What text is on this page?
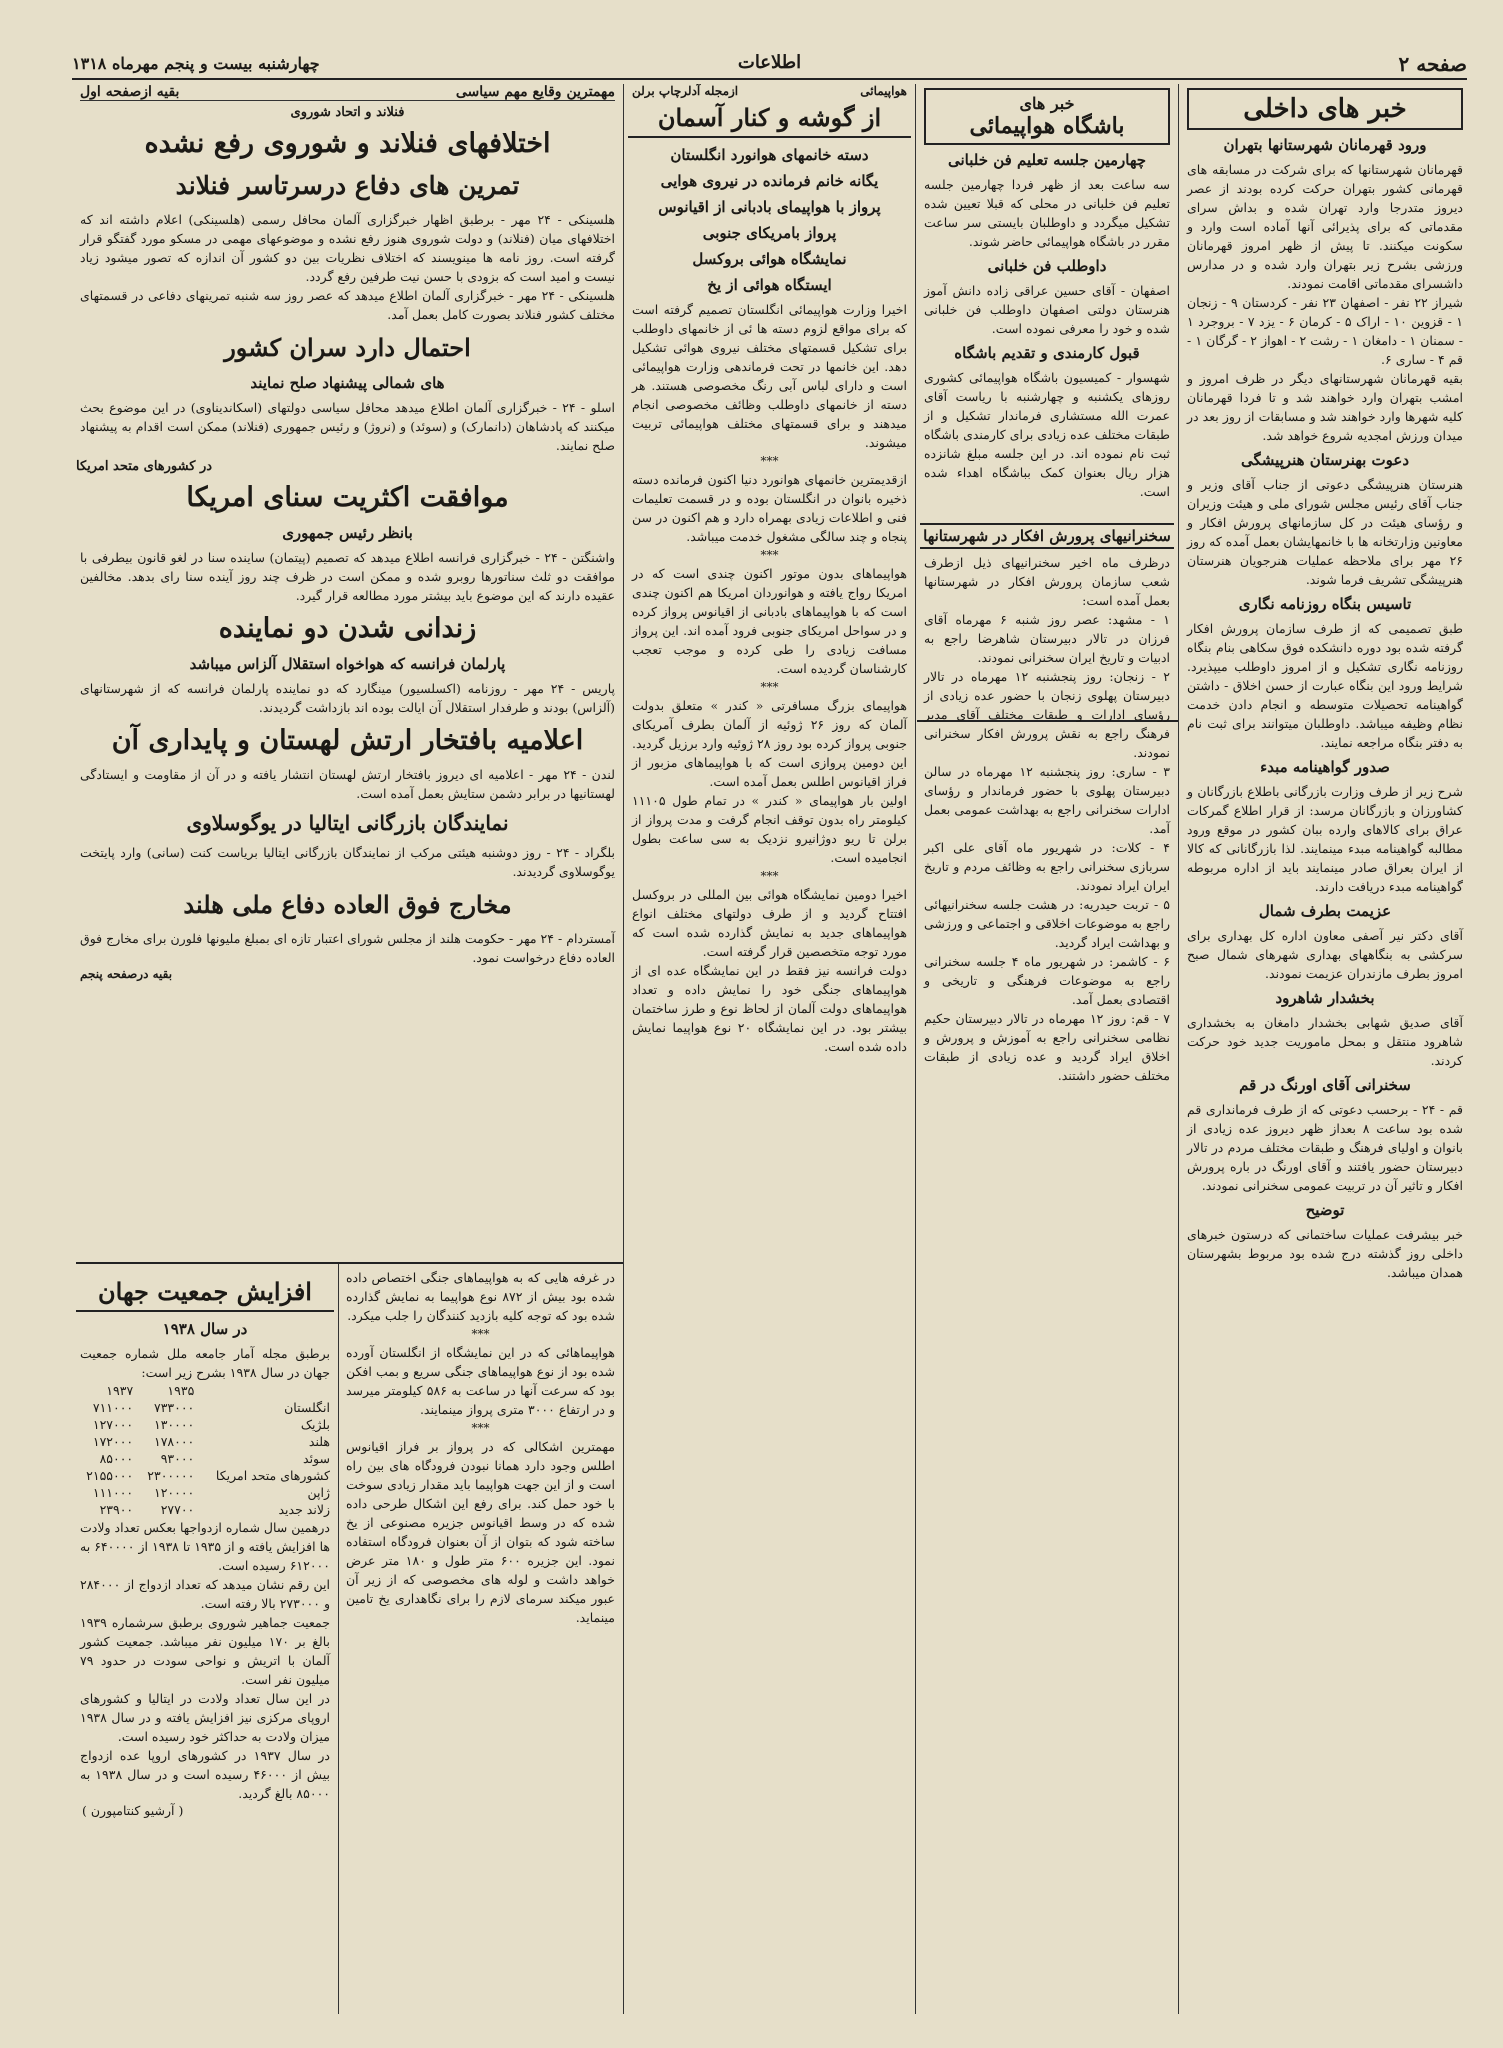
صفحه ۲
اطلاعات
چهارشنبه بیست و پنجم مهرماه ۱۳۱۸
خبر های داخلی
ورود قهرمانان شهرستانها بتهران

قهرمانان شهرستانها که برای شرکت در مسابقه های قهرمانی کشور بتهران حرکت کرده بودند از عصر دیروز متدرجا وارد تهران شده و بداش سرای مقدماتی که برای پذیرائی آنها آماده است وارد و سکونت میکنند. تا پیش از ظهر امروز قهرمانان ورزشی بشرح زیر بتهران وارد شده و در مدارس داشسرای مقدماتی اقامت نمودند.

شیراز ۲۲ نفر - اصفهان ۲۳ نفر - کردستان ۹ - زنجان ۱ - قزوین ۱۰ - اراک ۵ - کرمان ۶ - یزد ۷ - بروجرد ۱ - سمنان ۱ - دامغان ۱ - رشت ۲ - اهواز ۲ - گرگان ۱ - قم ۴ - ساری ۶.

بقیه قهرمانان شهرستانهای دیگر در ظرف امروز و امشب بتهران وارد خواهند شد و تا فردا قهرمانان کلیه شهرها وارد خواهند شد و مسابقات از روز بعد در میدان ورزش امجدیه شروع خواهد شد.

دعوت بهنرستان هنرپیشگی

هنرستان هنرپیشگی دعوتی از جناب آقای وزیر و جناب آقای رئیس مجلس شورای ملی و هیئت وزیران و رؤسای هیئت در کل سازمانهای پرورش افکار و معاونین وزارتخانه ها با خانمهایشان بعمل آمده که روز ۲۶ مهر برای ملاحظه عملیات هنرجویان هنرستان هنرپیشگی تشریف فرما شوند.

تاسیس بنگاه روزنامه نگاری

طبق تصمیمی که از طرف سازمان پرورش افکار گرفته شده بود دوره دانشکده فوق سکاهی بنام بنگاه روزنامه نگاری تشکیل و از امروز داوطلب میپذیرد. شرایط ورود این بنگاه عبارت از حسن اخلاق - داشتن گواهینامه تحصیلات متوسطه و انجام دادن خدمت نظام وظیفه میباشد. داوطلبان میتوانند برای ثبت نام به دفتر بنگاه مراجعه نمایند.

صدور گواهینامه مبدء

شرح زیر از طرف وزارت بازرگانی باطلاع بازرگانان و کشاورزان و بازرگانان مرسد: از قرار اطلاع گمرکات عراق برای کالاهای وارده ببان کشور در موقع ورود مطالبه گواهینامه مبدء مینمایند. لذا بازرگانانی که کالا از ایران بعراق صادر مینمایند باید از اداره مربوطه گواهینامه مبدء دریافت دارند.

عزیمت بطرف شمال

آقای دکتر نیر آصفی معاون اداره کل بهداری برای سرکشی به بنگاههای بهداری شهرهای شمال صبح امروز بطرف مازندران عزیمت نمودند.

بخشدار شاهرود

آقای صدیق شهابی بخشدار دامغان به بخشداری شاهرود منتقل و بمحل ماموریت جدید خود حرکت کردند.

سخنرانی آقای اورنگ در قم

قم - ۲۴ - برحسب دعوتی که از طرف فرمانداری قم شده بود ساعت ۸ بعداز ظهر دیروز عده زیادی از بانوان و اولیای فرهنگ و طبقات مختلف مردم در تالار دبیرستان حضور یافتند و آقای اورنگ در باره پرورش افکار و تاثیر آن در تربیت عمومی سخنرانی نمودند.

توضیح

خبر بیشرفت عملیات ساختمانی که درستون خبرهای داخلی روز گذشته درج شده بود مربوط بشهرستان همدان میباشد.

خبر های
باشگاه هواپیمائی
چهارمین جلسه تعلیم فن خلبانی

سه ساعت بعد از ظهر فردا چهارمین جلسه تعلیم فن خلبانی در محلی که قبلا تعیین شده تشکیل میگردد و داوطلبان بایستی سر ساعت مقرر در باشگاه هواپیمائی حاضر شوند.

داوطلب فن خلبانی

اصفهان - آقای حسین عراقی زاده دانش آموز هنرستان دولتی اصفهان داوطلب فن خلبانی شده و خود را معرفی نموده است.

قبول کارمندی و تقدیم باشگاه

شهسوار - کمیسیون باشگاه هواپیمائی کشوری روزهای یکشنبه و چهارشنبه با ریاست آقای عمرت الله مستشاری فرماندار تشکیل و از طبقات مختلف عده زیادی برای کارمندی باشگاه ثبت نام نموده اند. در این جلسه مبلغ شانزده هزار ریال بعنوان کمک بباشگاه اهداء شده است.

سخنرانیهای پرورش افکار در شهرستانها

درظرف ماه اخیر سخنرانیهای ذیل ازطرف شعب سازمان پرورش افکار در شهرستانها بعمل آمده است:

۱ - مشهد: عصر روز شنبه ۶ مهرماه آقای فرزان در تالار دبیرستان شاهرضا راجع به ادبیات و تاریخ ایران سخنرانی نمودند.

۲ - زنجان: روز پنجشنبه ۱۲ مهرماه در تالار دبیرستان پهلوی زنجان با حضور عده زیادی از رؤسای ادارات و طبقات مختلف آقای مدیر فرهنگ راجع به نقش پرورش افکار سخنرانی نمودند.

۳ - ساری: روز پنجشنبه ۱۲ مهرماه در سالن دبیرستان پهلوی با حضور فرماندار و رؤسای ادارات سخنرانی راجع به بهداشت عمومی بعمل آمد.

۴ - کلات: در شهریور ماه آقای علی اکبر سربازی سخنرانی راجع به وظائف مردم و تاریخ ایران ایراد نمودند.

۵ - تربت حیدریه: در هشت جلسه سخنرانیهائی راجع به موضوعات اخلاقی و اجتماعی و ورزشی و بهداشت ایراد گردید.

۶ - کاشمر: در شهریور ماه ۴ جلسه سخنرانی راجع به موضوعات فرهنگی و تاریخی و اقتصادی بعمل آمد.

۷ - قم: روز ۱۲ مهرماه در تالار دبیرستان حکیم نظامی سخنرانی راجع به آموزش و پرورش و اخلاق ایراد گردید و عده زیادی از طبقات مختلف حضور داشتند.

هواپیمائی
ازمجله آدلرچاپ برلن
از گوشه و کنار آسمان
دسته خانمهای هوانورد انگلستان
یگانه خانم فرمانده در نیروی هوایی
پرواز با هواپیمای بادبانی از اقیانوس
پرواز بامریکای جنوبی
نمایشگاه هوائی بروکسل
ایستگاه هوائی از یخ

اخیرا وزارت هواپیمائی انگلستان تصمیم گرفته است که برای مواقع لزوم دسته ها ئی از خانمهای داوطلب برای تشکیل قسمتهای مختلف نیروی هوائی تشکیل دهد. این خانمها در تحت فرماندهی وزارت هواپیمائی است و دارای لباس آبی رنگ مخصوصی هستند. هر دسته از خانمهای داوطلب وظائف مخصوصی انجام میدهند و برای قسمتهای مختلف هواپیمائی تربیت میشوند.

***

ازقدیمترین خانمهای هوانورد دنیا اکنون فرمانده دسته ذخیره بانوان در انگلستان بوده و در قسمت تعلیمات فنی و اطلاعات زیادی بهمراه دارد و هم اکنون در سن پنجاه و چند سالگی مشغول خدمت میباشد.

***

هواپیماهای بدون موتور اکنون چندی است که در امریکا رواج یافته و هوانوردان امریکا هم اکنون چندی است که با هواپیماهای بادبانی از اقیانوس پرواز کرده و در سواحل امریکای جنوبی فرود آمده اند. این پرواز مسافت زیادی را طی کرده و موجب تعجب کارشناسان گردیده است.

***

هواپیمای بزرگ مسافرتی « کندر » متعلق بدولت آلمان که روز ۲۶ ژوئیه از آلمان بطرف آمریکای جنوبی پرواز کرده بود روز ۲۸ ژوئیه وارد برزیل گردید. این دومین پروازی است که با هواپیماهای مزبور از فراز اقیانوس اطلس بعمل آمده است.

اولین بار هواپیمای « کندر » در تمام طول ۱۱۱۰۵ کیلومتر راه بدون توقف انجام گرفت و مدت پرواز از برلن تا ریو دوژانیرو نزدیک به سی ساعت بطول انجامیده است.

***

اخیرا دومین نمایشگاه هوائی بین المللی در بروکسل افتتاح گردید و از طرف دولتهای مختلف انواع هواپیماهای جدید به نمایش گذارده شده است که مورد توجه متخصصین قرار گرفته است.

دولت فرانسه نیز فقط در این نمایشگاه عده ای از هواپیماهای جنگی خود را نمایش داده و تعداد هواپیماهای دولت آلمان از لحاظ نوع و طرز ساختمان بیشتر بود. در این نمایشگاه ۲۰ نوع هواپیما نمایش داده شده است.

مهمترین وقایع مهم سیاسی
بقیه ازصفحه اول
فنلاند و اتحاد شوروی
اختلافهای فنلاند و شوروی رفع نشده
تمرین های دفاع درسرتاسر فنلاند

هلسینکی - ۲۴ مهر - برطبق اظهار خبرگزاری آلمان محافل رسمی (هلسینکی) اعلام داشته اند که اختلافهای میان (فنلاند) و دولت شوروی هنوز رفع نشده و موضوعهای مهمی در مسکو مورد گفتگو قرار گرفته است. روز نامه ها مینویسند که اختلاف نظریات بین دو کشور آن اندازه که تصور میشود زیاد نیست و امید است که بزودی با حسن نیت طرفین رفع گردد.

هلسینکی - ۲۴ مهر - خبرگزاری آلمان اطلاع میدهد که عصر روز سه شنبه تمرینهای دفاعی در قسمتهای مختلف کشور فنلاند بصورت کامل بعمل آمد.

احتمال دارد سران کشور
های شمالی پیشنهاد صلح نمایند

اسلو - ۲۴ - خبرگزاری آلمان اطلاع میدهد محافل سیاسی دولتهای (اسکاندیناوی) در این موضوع بحث میکنند که پادشاهان (دانمارک) و (سوئد) و (نروژ) و رئیس جمهوری (فنلاند) ممکن است اقدام به پیشنهاد صلح نمایند.

در کشورهای متحد امریکا
موافقت اکثریت سنای امریکا
بانظر رئیس جمهوری

واشنگتن - ۲۴ - خبرگزاری فرانسه اطلاع میدهد که تصمیم (پیتمان) ساینده سنا در لغو قانون بیطرفی با موافقت دو ثلث سناتورها روبرو شده و ممکن است در ظرف چند روز آینده سنا رای بدهد. مخالفین عقیده دارند که این موضوع باید بیشتر مورد مطالعه قرار گیرد.

زندانی شدن دو نماینده
پارلمان فرانسه که هواخواه استقلال آلزاس میباشد

پاریس - ۲۴ مهر - روزنامه (اکسلسیور) مینگارد که دو نماینده پارلمان فرانسه که از شهرستانهای (آلزاس) بودند و طرفدار استقلال آن ایالت بوده اند بازداشت گردیدند.

اعلامیه بافتخار ارتش لهستان و پایداری آن

لندن - ۲۴ مهر - اعلامیه ای دیروز بافتخار ارتش لهستان انتشار یافته و در آن از مقاومت و ایستادگی لهستانیها در برابر دشمن ستایش بعمل آمده است.

نمایندگان بازرگانی ایتالیا در یوگوسلاوی

بلگراد - ۲۴ - روز دوشنبه هیئتی مرکب از نمایندگان بازرگانی ایتالیا بریاست کنت (سانی) وارد پایتخت یوگوسلاوی گردیدند.

مخارج فوق العاده دفاع ملی هلند

آمستردام - ۲۴ مهر - حکومت هلند از مجلس شورای اعتبار تازه ای بمبلغ ملیونها فلورن برای مخارج فوق العاده دفاع درخواست نمود.

بقیه درصفحه پنجم
افزایش جمعیت جهان
در سال ۱۹۳۸

برطبق مجله آمار جامعه ملل شماره جمعیت جهان در سال ۱۹۳۸ بشرح زیر است:

	۱۹۳۵	۱۹۳۷
انگلستان	۷۳۳۰۰۰	۷۱۱۰۰۰
بلژیک	۱۳۰۰۰۰	۱۲۷۰۰۰
هلند	۱۷۸۰۰۰	۱۷۲۰۰۰
سوئد	۹۳۰۰۰	۸۵۰۰۰
کشورهای متحد امریکا	۲۳۰۰۰۰۰	۲۱۵۵۰۰۰
ژاپن	۱۲۰۰۰۰	۱۱۱۰۰۰
زلاند جدید	۲۷۷۰۰	۲۳۹۰۰

درهمین سال شماره ازدواجها بعکس تعداد ولادت ها افزایش یافته و از ۱۹۳۵ تا ۱۹۳۸ از ۶۴۰۰۰۰ به ۶۱۲۰۰۰ رسیده است.

این رقم نشان میدهد که تعداد ازدواج از ۲۸۴۰۰۰ و ۲۷۳۰۰۰ بالا رفته است.

جمعیت جماهیر شوروی برطبق سرشماره ۱۹۳۹ بالغ بر ۱۷۰ میلیون نفر میباشد. جمعیت کشور آلمان با اتریش و نواحی سودت در حدود ۷۹ میلیون نفر است.

در این سال تعداد ولادت در ایتالیا و کشورهای اروپای مرکزی نیز افزایش یافته و در سال ۱۹۳۸ میزان ولادت به حداکثر خود رسیده است.

در سال ۱۹۳۷ در کشورهای اروپا عده ازدواج بیش از ۴۶۰۰۰ رسیده است و در سال ۱۹۳۸ به ۸۵۰۰۰ بالغ گردید.

( آرشیو کنتامپورن )

در غرفه هایی که به هواپیماهای جنگی اختصاص داده شده بود بیش از ۸۷۲ نوع هواپیما به نمایش گذارده شده بود که توجه کلیه بازدید کنندگان را جلب میکرد.

***

هواپیماهائی که در این نمایشگاه از انگلستان آورده شده بود از نوع هواپیماهای جنگی سریع و بمب افکن بود که سرعت آنها در ساعت به ۵۸۶ کیلومتر میرسد و در ارتفاع ۳۰۰۰ متری پرواز مینمایند.

***

مهمترین اشکالی که در پرواز بر فراز اقیانوس اطلس وجود دارد همانا نبودن فرودگاه های بین راه است و از این جهت هواپیما باید مقدار زیادی سوخت با خود حمل کند. برای رفع این اشکال طرحی داده شده که در وسط اقیانوس جزیره مصنوعی از یخ ساخته شود که بتوان از آن بعنوان فرودگاه استفاده نمود. این جزیره ۶۰۰ متر طول و ۱۸۰ متر عرض خواهد داشت و لوله های مخصوصی که از زیر آن عبور میکند سرمای لازم را برای نگاهداری یخ تامین مینماید.
